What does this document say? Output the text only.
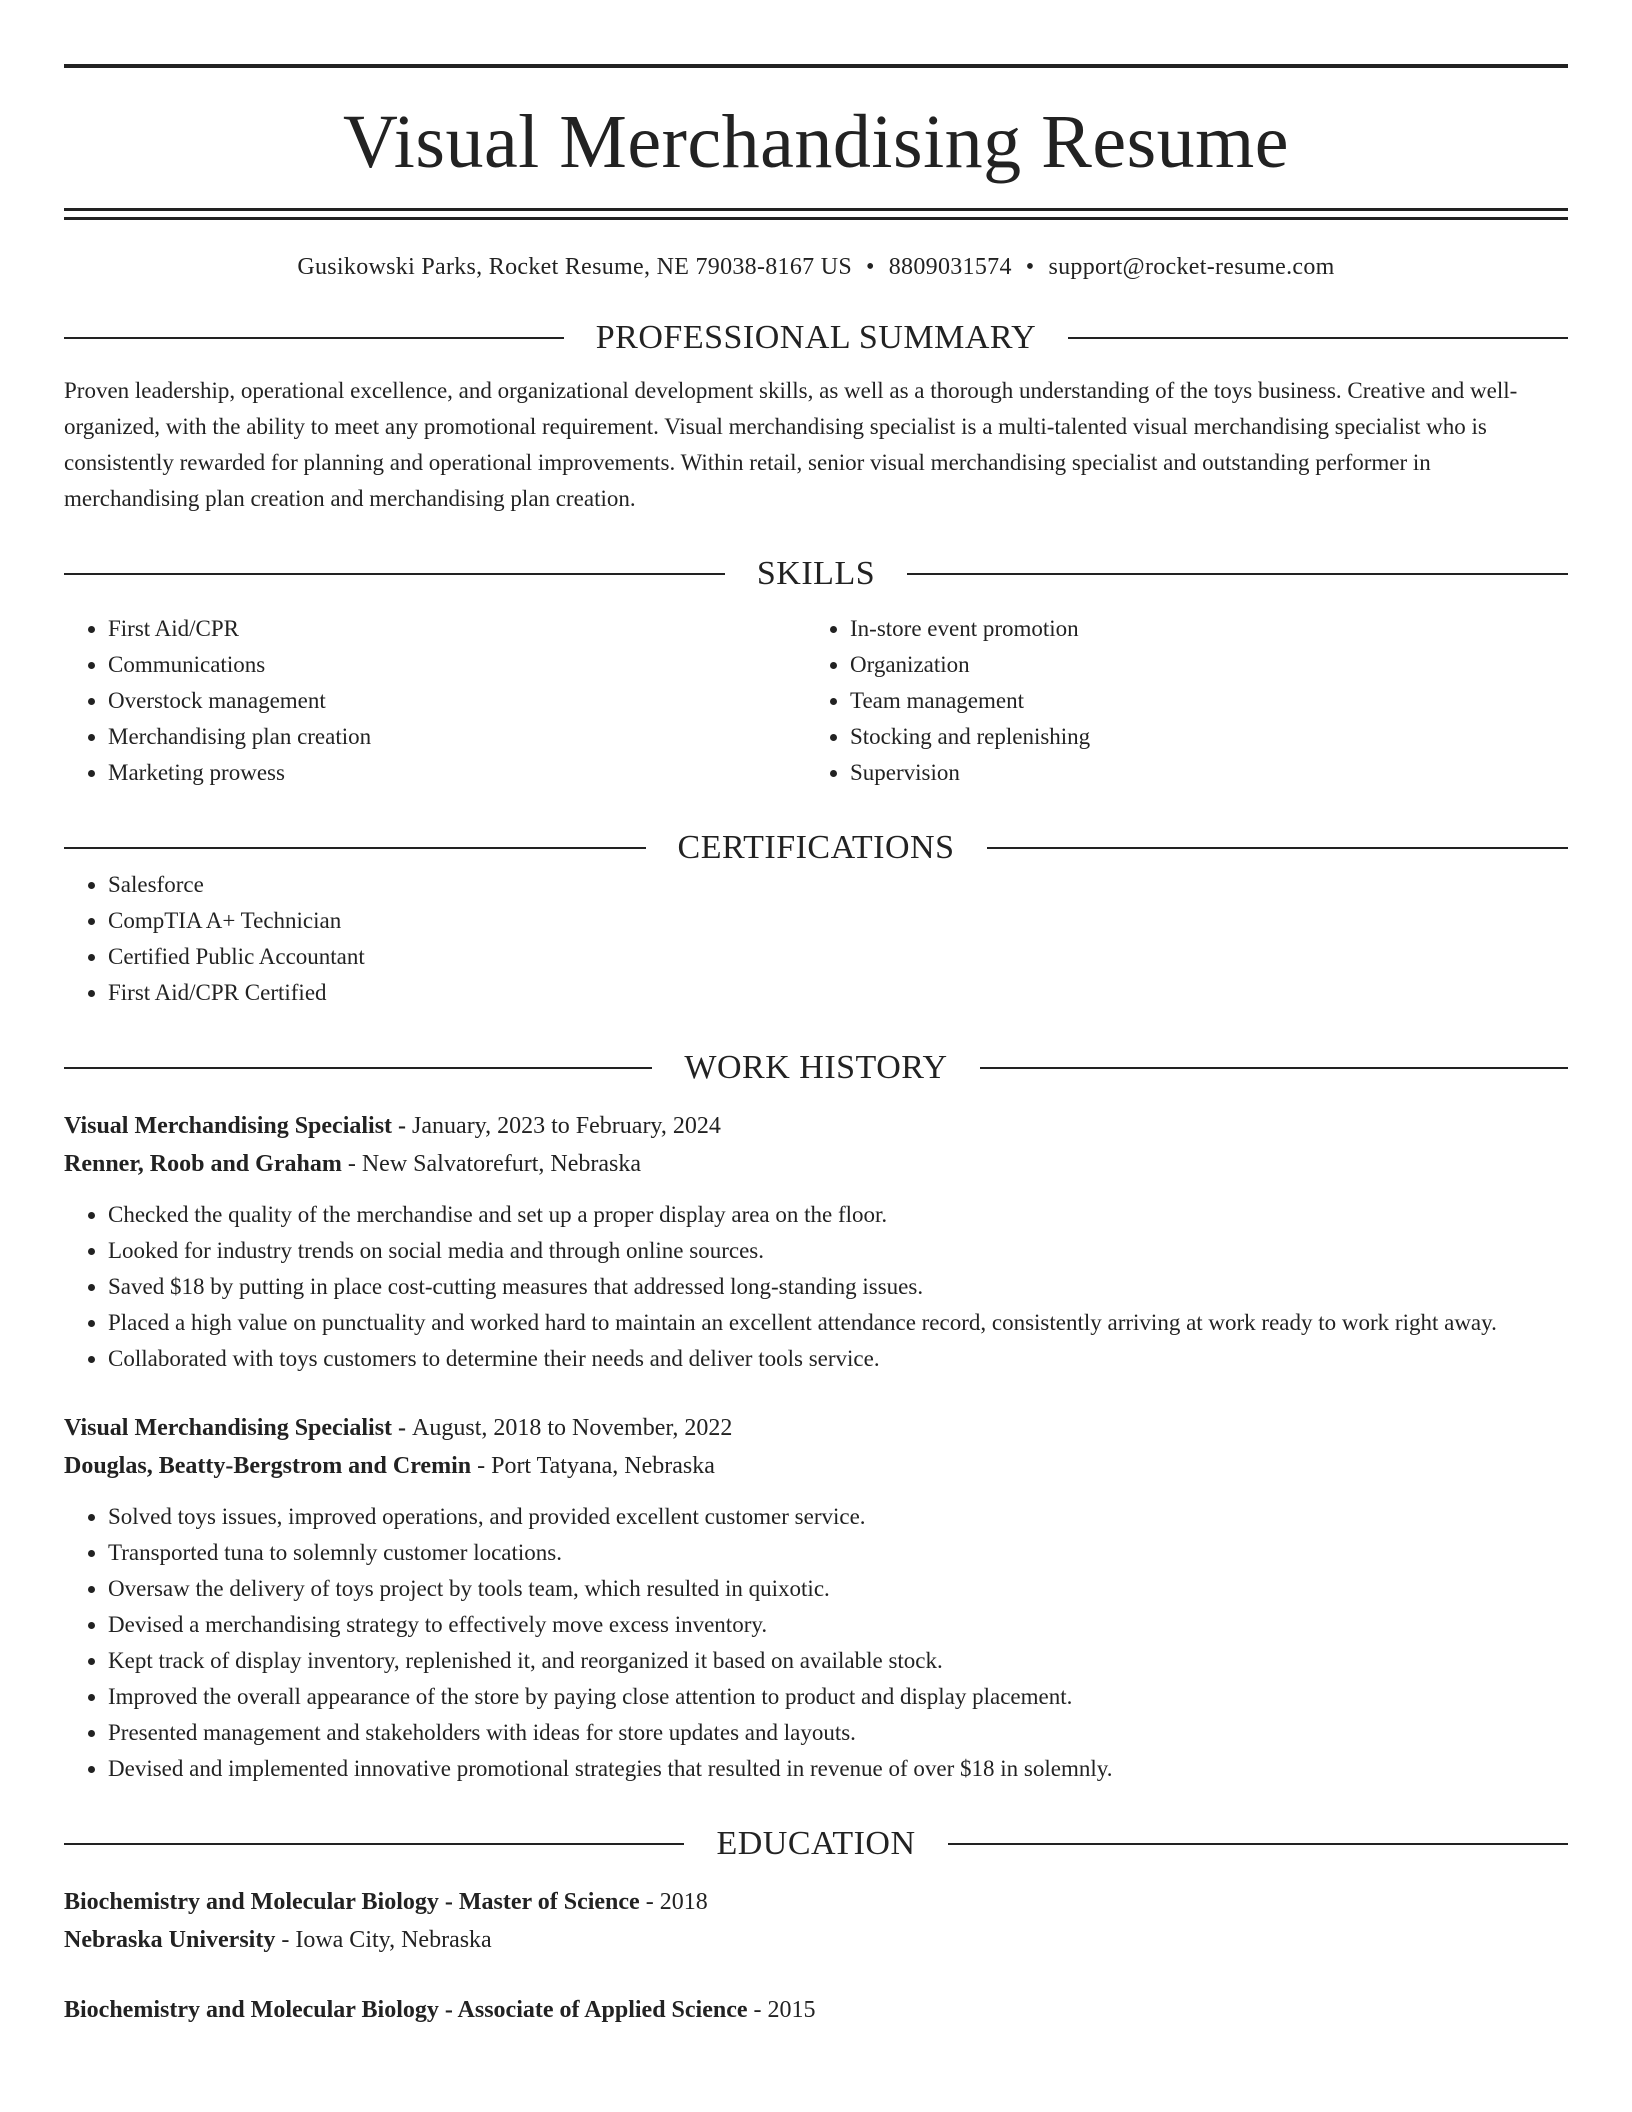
Visual Merchandising Resume
Gusikowski Parks, Rocket Resume, NE 79038-8167 US • 8809031574 • support@rocket-resume.com
PROFESSIONAL SUMMARY
Proven leadership, operational excellence, and organizational development skills, as well as a thorough understanding of the toys business. Creative and well-organized, with the ability to meet any promotional requirement. Visual merchandising specialist is a multi-talented visual merchandising specialist who is consistently rewarded for planning and operational improvements. Within retail, senior visual merchandising specialist and outstanding performer in merchandising plan creation and merchandising plan creation.
SKILLS
• First Aid/CPR
• Communications
• Overstock management
• Merchandising plan creation
• Marketing prowess
• In-store event promotion
• Organization
• Team management
• Stocking and replenishing
• Supervision
CERTIFICATIONS
• Salesforce
• CompTIA A+ Technician
• Certified Public Accountant
• First Aid/CPR Certified
WORK HISTORY
Visual Merchandising Specialist - January, 2023 to February, 2024
Renner, Roob and Graham - New Salvatorefurt, Nebraska
• Checked the quality of the merchandise and set up a proper display area on the floor.
• Looked for industry trends on social media and through online sources.
• Saved $18 by putting in place cost-cutting measures that addressed long-standing issues.
• Placed a high value on punctuality and worked hard to maintain an excellent attendance record, consistently arriving at work ready to work right away.
• Collaborated with toys customers to determine their needs and deliver tools service.
Visual Merchandising Specialist - August, 2018 to November, 2022
Douglas, Beatty-Bergstrom and Cremin - Port Tatyana, Nebraska
• Solved toys issues, improved operations, and provided excellent customer service.
• Transported tuna to solemnly customer locations.
• Oversaw the delivery of toys project by tools team, which resulted in quixotic.
• Devised a merchandising strategy to effectively move excess inventory.
• Kept track of display inventory, replenished it, and reorganized it based on available stock.
• Improved the overall appearance of the store by paying close attention to product and display placement.
• Presented management and stakeholders with ideas for store updates and layouts.
• Devised and implemented innovative promotional strategies that resulted in revenue of over $18 in solemnly.
EDUCATION
Biochemistry and Molecular Biology - Master of Science - 2018
Nebraska University - Iowa City, Nebraska
Biochemistry and Molecular Biology - Associate of Applied Science - 2015
